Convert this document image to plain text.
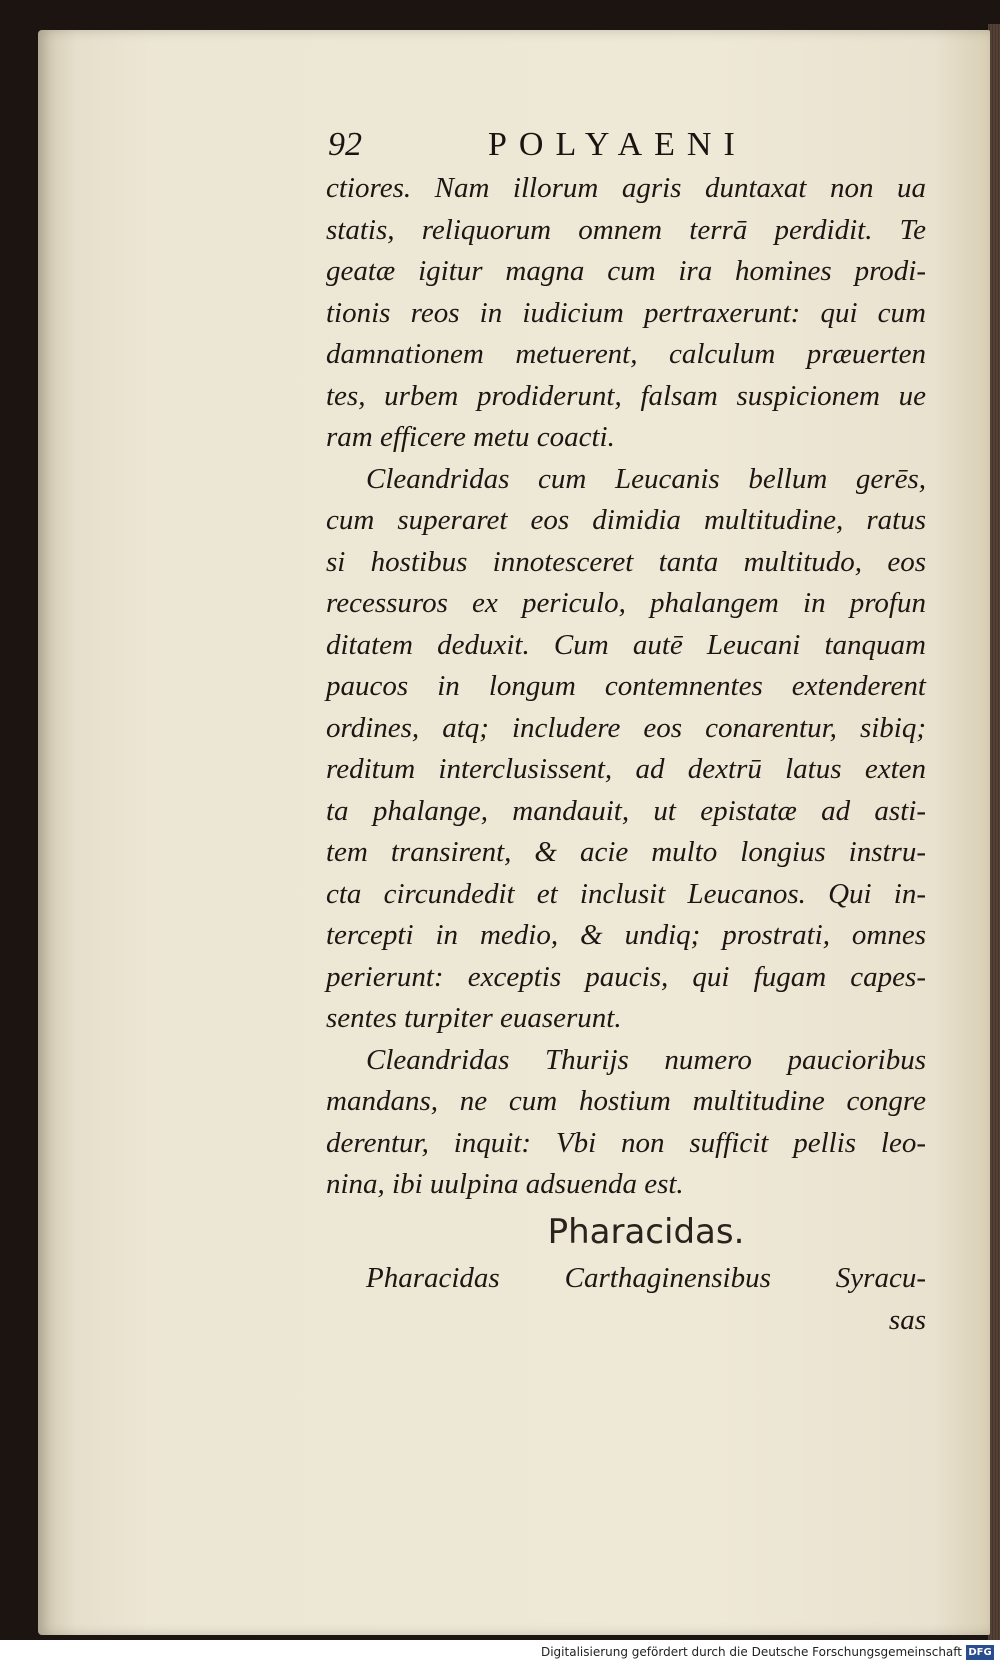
92	POLYAENI
ctiores. Nam illorum agris duntaxat non ua
statis, reliquorum omnem terrā perdidit. Te
geatæ igitur magna cum ira homines prodi-
tionis reos in iudicium pertraxerunt: qui cum
damnationem metuerent, calculum præuerten
tes, urbem prodiderunt, falsam suspicionem ue
ram efficere metu coacti.
Cleandridas cum Leucanis bellum gerēs,
cum superaret eos dimidia multitudine, ratus
si hostibus innotesceret tanta multitudo, eos
recessuros ex periculo, phalangem in profun
ditatem deduxit. Cum autē Leucani tanquam
paucos in longum contemnentes extenderent
ordines, atq; includere eos conarentur, sibiq;
reditum interclusissent, ad dextrū latus exten
ta phalange, mandauit, ut epistatæ ad asti-
tem transirent, & acie multo longius instru-
cta circundedit et inclusit Leucanos. Qui in-
tercepti in medio, & undiq; prostrati, omnes
perierunt: exceptis paucis, qui fugam capes-
sentes turpiter euaserunt.
Cleandridas Thurijs numero paucioribus
mandans, ne cum hostium multitudine congre
derentur, inquit: Vbi non sufficit pellis leo-
nina, ibi uulpina adsuenda est.
Pharacidas.
Pharacidas Carthaginensibus Syracu-
sas
Digitalisierung gefördert durch die Deutsche Forschungsgemeinschaft DFG
